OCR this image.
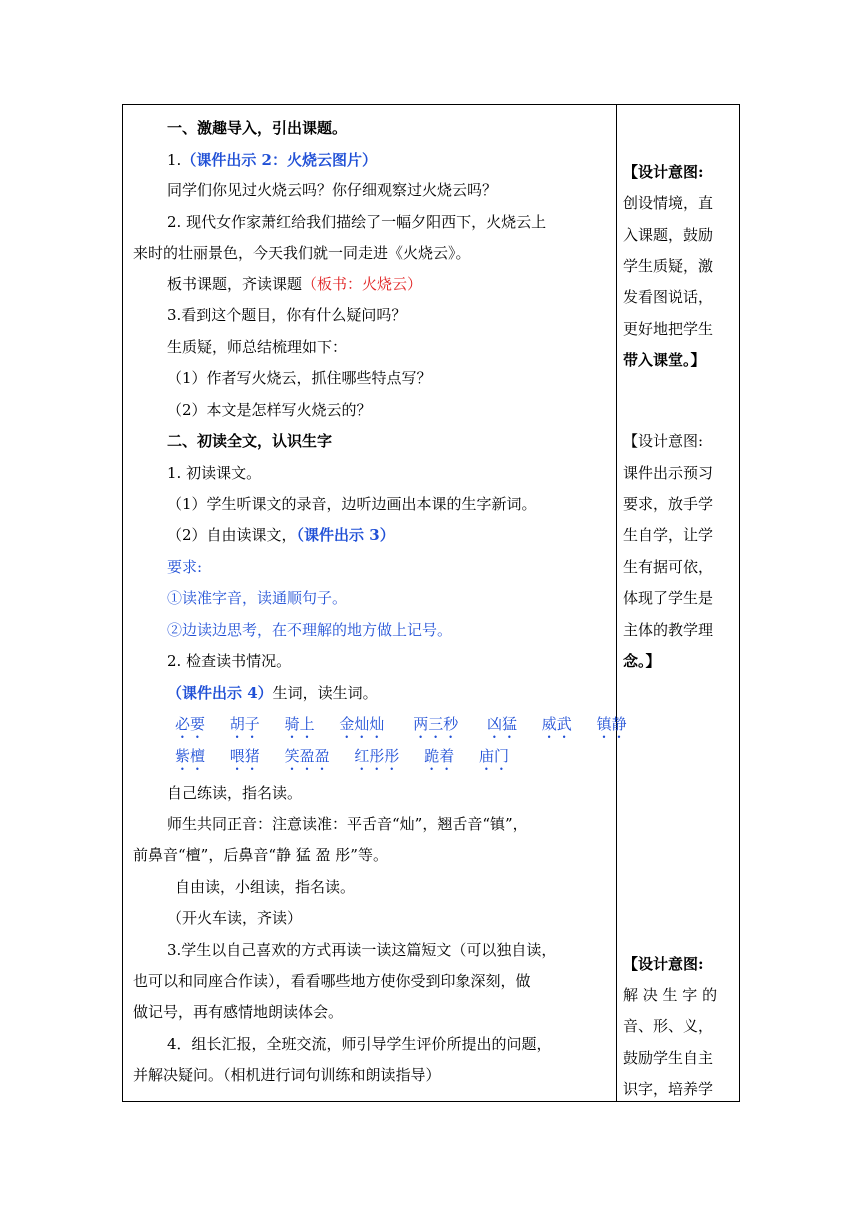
一、激趣导入，引出课题。
1.（课件出示 2：火烧云图片）
同学们你见过火烧云吗？你仔细观察过火烧云吗？
2. 现代女作家萧红给我们描绘了一幅夕阳西下，火烧云上
来时的壮丽景色，今天我们就一同走进《火烧云》。
板书课题，齐读课题（板书：火烧云）
3.看到这个题目，你有什么疑问吗？
生质疑，师总结梳理如下：
（1）作者写火烧云，抓住哪些特点写？
（2）本文是怎样写火烧云的？
二、初读全文，认识生字
1. 初读课文。
（1）学生听课文的录音，边听边画出本课的生字新词。
（2）自由读课文，（课件出示 3）
要求:
①读准字音，读通顺句子。
②边读边思考，在不理解的地方做上记号。
2. 检查读书情况。
（课件出示 4）生词，读生词。
必要 胡子 骑上 金灿灿 两三秒 凶猛 威武 镇静
紫檀 喂猪 笑盈盈 红彤彤 跪着 庙门
自己练读，指名读。
师生共同正音：注意读准：平舌音“灿”，翘舌音“镇”，
前鼻音“檀”，后鼻音“静 猛 盈 彤”等。
自由读，小组读，指名读。
（开火车读，齐读）
3.学生以自己喜欢的方式再读一读这篇短文（可以独自读，
也可以和同座合作读），看看哪些地方使你受到印象深刻，做
做记号，再有感情地朗读体会。
4．组长汇报，全班交流，师引导学生评价所提出的问题，
并解决疑问。（相机进行词句训练和朗读指导）
【设计意图:
创设情境，直
入课题，鼓励
学生质疑，激
发看图说话，
更好地把学生
带入课堂。】
【设计意图:
课件出示预习
要求，放手学
生自学，让学
生有据可依，
体现了学生是
主体的教学理
念。】
【设计意图:
解 决 生 字 的
音、形、义，
鼓励学生自主
识字，培养学
